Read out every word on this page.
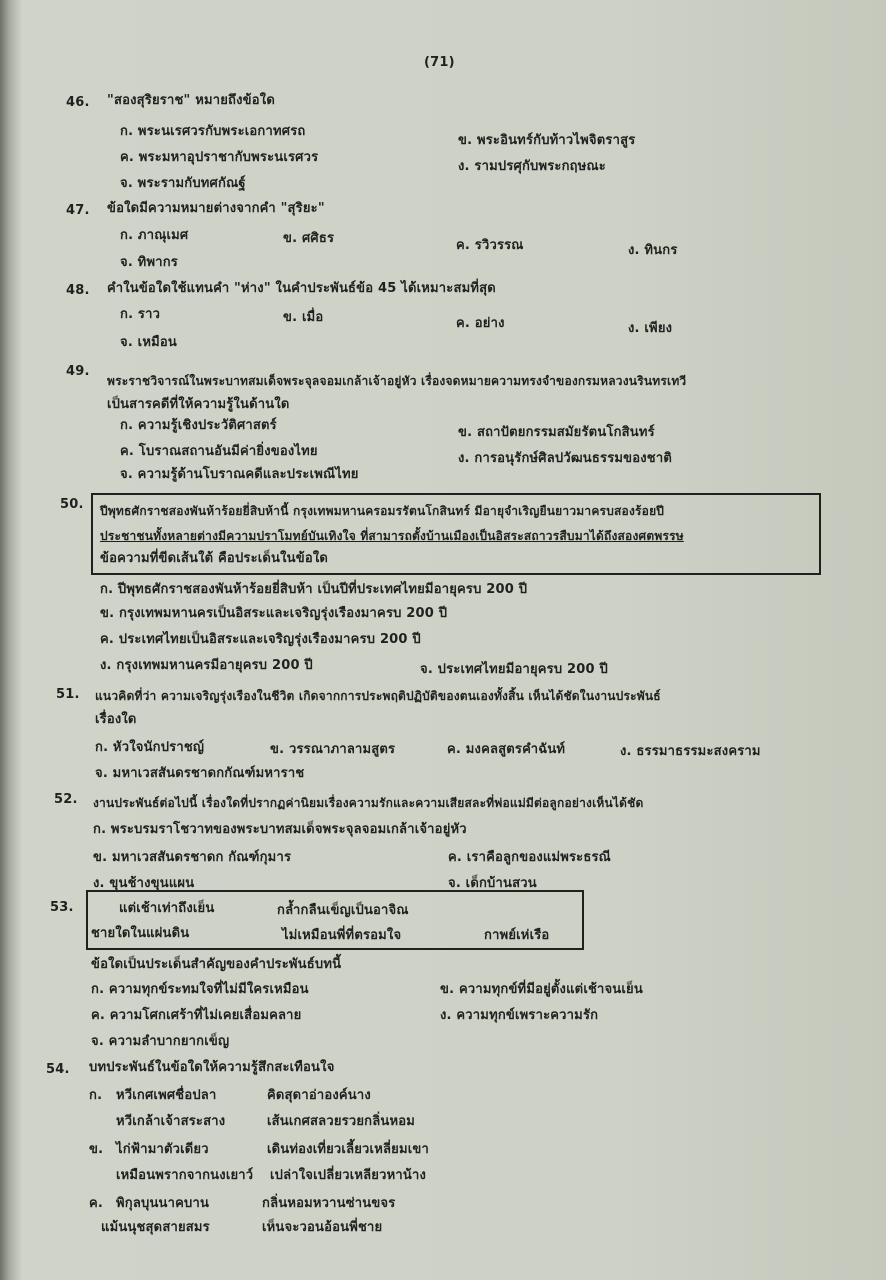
(71)
46. "สองสุริยราช" หมายถึงข้อใด
ก. พระนเรศวรกับพระเอกาทศรถ
ข. พระอินทร์กับท้าวไพจิตราสูร
ค. พระมหาอุปราชากับพระนเรศวร
ง. รามปรศุกับพระกฤษณะ
จ. พระรามกับทศกัณฐ์
47. ข้อใดมีความหมายต่างจากคำ "สุริยะ"
ก. ภาณุเมศ	ข. ศศิธร	ค. รวิวรรณ	ง. ทินกร
จ. ทิพากร
48. คำในข้อใดใช้แทนคำ "ห่าง" ในคำประพันธ์ข้อ 45 ได้เหมาะสมที่สุด
ก. ราว	ข. เมื่อ	ค. อย่าง	ง. เพียง
จ. เหมือน
49.
พระราชวิจารณ์ในพระบาทสมเด็จพระจุลจอมเกล้าเจ้าอยู่หัว เรื่องจดหมายความทรงจำของกรมหลวงนรินทรเทวี
เป็นสารคดีที่ให้ความรู้ในด้านใด
ก. ความรู้เชิงประวัติศาสตร์	ข. สถาปัตยกรรมสมัยรัตนโกสินทร์
ค. โบราณสถานอันมีค่ายิ่งของไทย	ง. การอนุรักษ์ศิลปวัฒนธรรมของชาติ
จ. ความรู้ด้านโบราณคดีและประเพณีไทย
50. ปีพุทธศักราชสองพันห้าร้อยยี่สิบห้านี้ กรุงเทพมหานครอมรรัตนโกสินทร์ มีอายุจำเริญยืนยาวมาครบสองร้อยปี
ประชาชนทั้งหลายต่างมีความปราโมทย์บันเทิงใจ ที่สามารถตั้งบ้านเมืองเป็นอิสระสถาวรสืบมาได้ถึงสองศตพรรษ
ข้อความที่ขีดเส้นใต้ คือประเด็นในข้อใด
ก. ปีพุทธศักราชสองพันห้าร้อยยี่สิบห้า เป็นปีที่ประเทศไทยมีอายุครบ 200 ปี
ข. กรุงเทพมหานครเป็นอิสระและเจริญรุ่งเรืองมาครบ 200 ปี
ค. ประเทศไทยเป็นอิสระและเจริญรุ่งเรืองมาครบ 200 ปี
ง. กรุงเทพมหานครมีอายุครบ 200 ปี	จ. ประเทศไทยมีอายุครบ 200 ปี
51. แนวคิดที่ว่า ความเจริญรุ่งเรืองในชีวิต เกิดจากการประพฤติปฏิบัติของตนเองทั้งสิ้น เห็นได้ชัดในงานประพันธ์
เรื่องใด
ก. หัวใจนักปราชญ์	ข. วรรณาภาลามสูตร	ค. มงคลสูตรคำฉันท์	ง. ธรรมาธรรมะสงคราม
จ. มหาเวสสันดรชาดกกัณฑ์มหาราช
52. งานประพันธ์ต่อไปนี้ เรื่องใดที่ปรากฏค่านิยมเรื่องความรักและความเสียสละที่พ่อแม่มีต่อลูกอย่างเห็นได้ชัด
ก. พระบรมราโชวาทของพระบาทสมเด็จพระจุลจอมเกล้าเจ้าอยู่หัว
ข. มหาเวสสันดรชาดก กัณฑ์กุมาร	ค. เราคือลูกของแม่พระธรณี
ง. ขุนช้างขุนแผน	จ. เด็กบ้านสวน
53.	แต่เช้าเท่าถึงเย็น	กล้ำกลืนเข็ญเป็นอาจิณ
ชายใดในแผ่นดิน	ไม่เหมือนพี่ที่ตรอมใจ	กาพย์เห่เรือ
ข้อใดเป็นประเด็นสำคัญของคำประพันธ์บทนี้
ก. ความทุกข์ระทมใจที่ไม่มีใครเหมือน	ข. ความทุกข์ที่มีอยู่ตั้งแต่เช้าจนเย็น
ค. ความโศกเศร้าที่ไม่เคยเสื่อมคลาย	ง. ความทุกข์เพราะความรัก
จ. ความลำบากยากเข็ญ
54. บทประพันธ์ในข้อใดให้ความรู้สึกสะเทือนใจ
ก. หวีเกศเพศชื่อปลา	คิดสุดาอ่าองค์นาง
หวีเกล้าเจ้าสระสาง	เส้นเกศสลวยรวยกลิ่นหอม
ข. ไก่ฟ้ามาตัวเดียว	เดินท่องเที่ยวเลี้ยวเหลี่ยมเขา
เหมือนพรากจากนงเยาว์ เปล่าใจเปลี่ยวเหลียวหาน้าง
ค. พิกุลบุนนาคบาน	กลิ่นหอมหวานซ่านขจร
แม้นนุชสุดสายสมร	เห็นจะวอนอ้อนพี่ชาย
